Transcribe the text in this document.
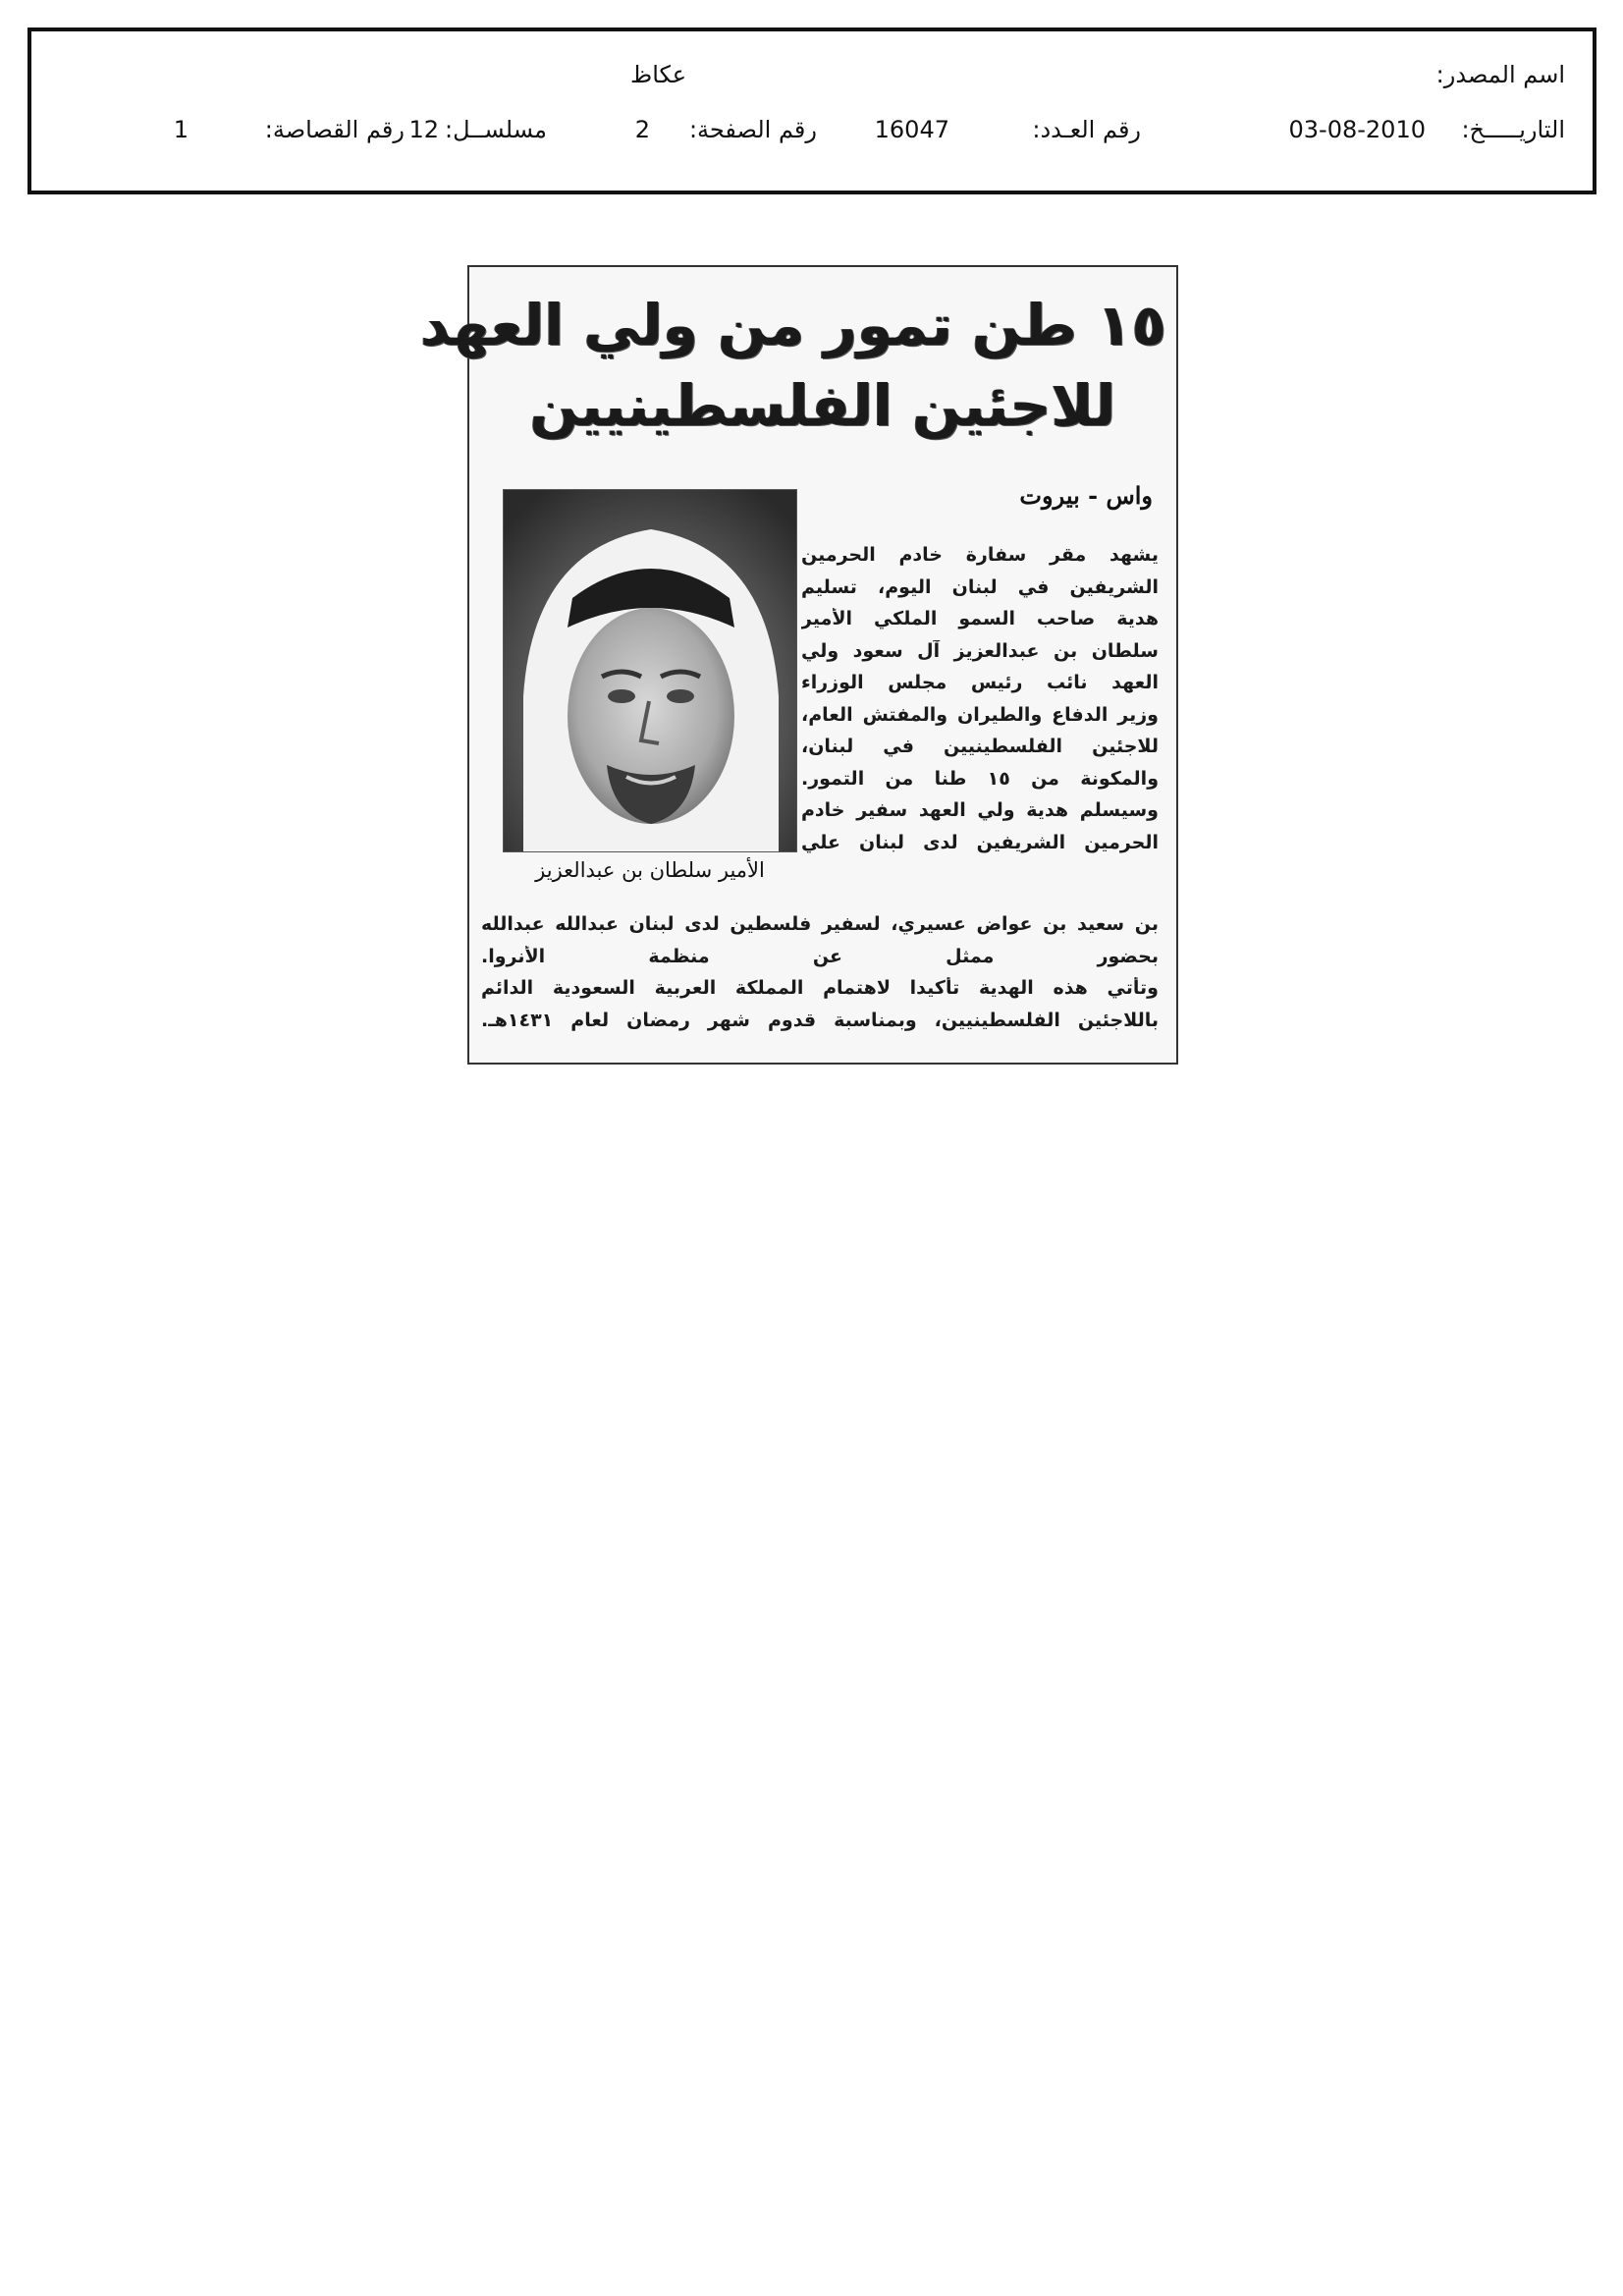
اسم المصدر:
عكاظ
التاريـــــخ:
03-08-2010
رقم العـدد:
16047
رقم الصفحة:
2
مسلســل:
12
رقم القصاصة:
1
١٥ طن تمور من ولي العهد
للاجئين الفلسطينيين
واس - بيروت
الأمير سلطان بن عبدالعزيز
يشهد مقر سفارة خادم الحرمين
الشريفين في لبنان اليوم، تسليم
هدية صاحب السمو الملكي الأمير
سلطان بن عبدالعزيز آل سعود ولي
العهد نائب رئيس مجلس الوزراء
وزير الدفاع والطيران والمفتش العام،
للاجئين الفلسطينيين في لبنان،
والمكونة من ١٥ طنا من التمور.
وسيسلم هدية ولي العهد سفير خادم
الحرمين الشريفين لدى لبنان علي
بن سعيد بن عواض عسيري، لسفير فلسطين لدى لبنان عبدالله عبدالله
بحضور ممثل عن منظمة الأنروا.
وتأتي هذه الهدية تأكيدا لاهتمام المملكة العربية السعودية الدائم
باللاجئين الفلسطينيين، وبمناسبة قدوم شهر رمضان لعام ١٤٣١هـ.
